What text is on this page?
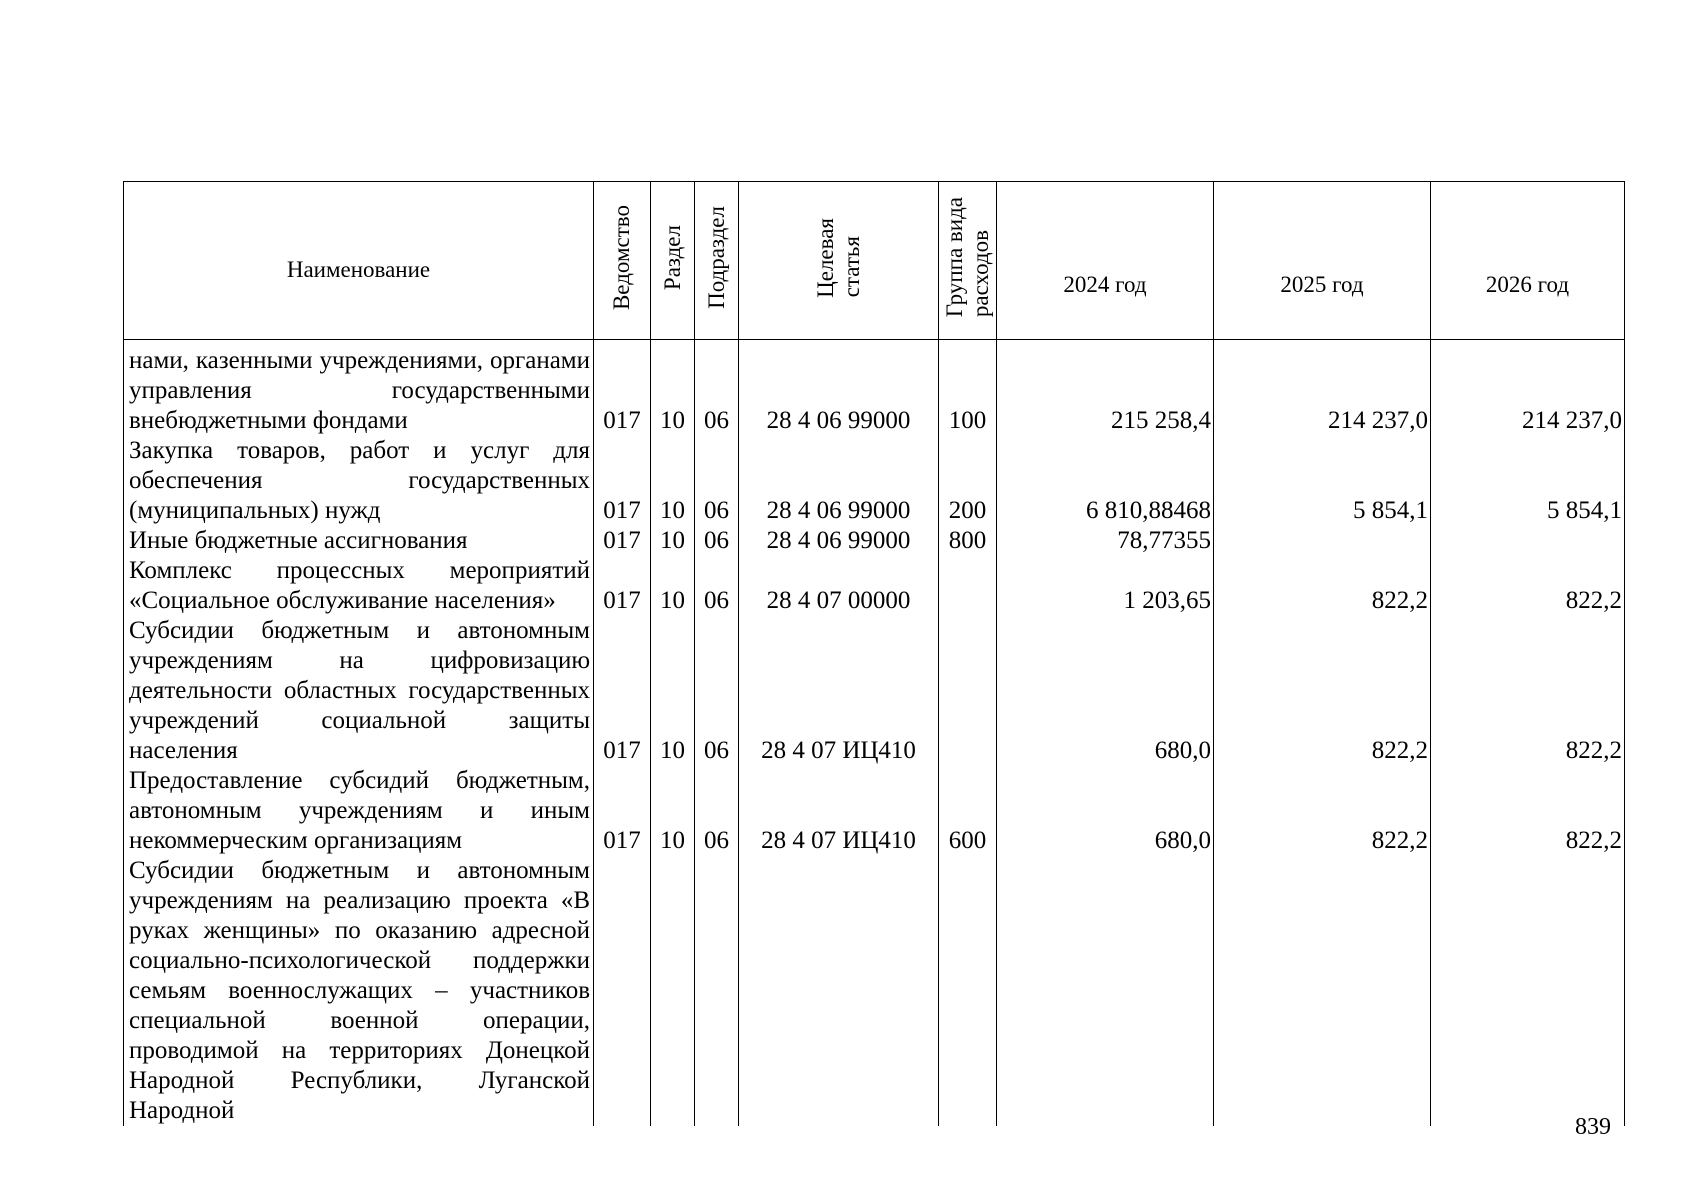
Наименование	Ведомство	Раздел	Подраздел	Целеваястатья	Группа видарасходов	2024 год	2025 год	2026 год

нами, казенными учреждениями, органами управления государственными внебюджетными фондами	017	10	06	28 4 06 99000	100	215 258,4	214 237,0	214 237,0
Закупка товаров, работ и услуг для обеспечения государственных (муниципальных) нужд	017	10	06	28 4 06 99000	200	6 810,88468	5 854,1	5 854,1
Иные бюджетные ассигнования	017	10	06	28 4 06 99000	800	78,77355		
Комплекс процессных мероприятий «Социальное обслуживание населения»	017	10	06	28 4 07 00000		1 203,65	822,2	822,2
Субсидии бюджетным и автономным учреждениям на цифровизацию деятельности областных государственных учреждений социальной защиты населения	017	10	06	28 4 07 ИЦ410		680,0	822,2	822,2
Предоставление субсидий бюджетным, автономным учреждениям и иным некоммерческим организациям	017	10	06	28 4 07 ИЦ410	600	680,0	822,2	822,2
Субсидии бюджетным и автономным учреждениям на реализацию проекта «В руках женщины» по оказанию адресной социально-психологической поддержки семьям военнослужащих – участников специальной военной операции, проводимой на территориях Донецкой Народной Республики, Луганской Народной								
839
